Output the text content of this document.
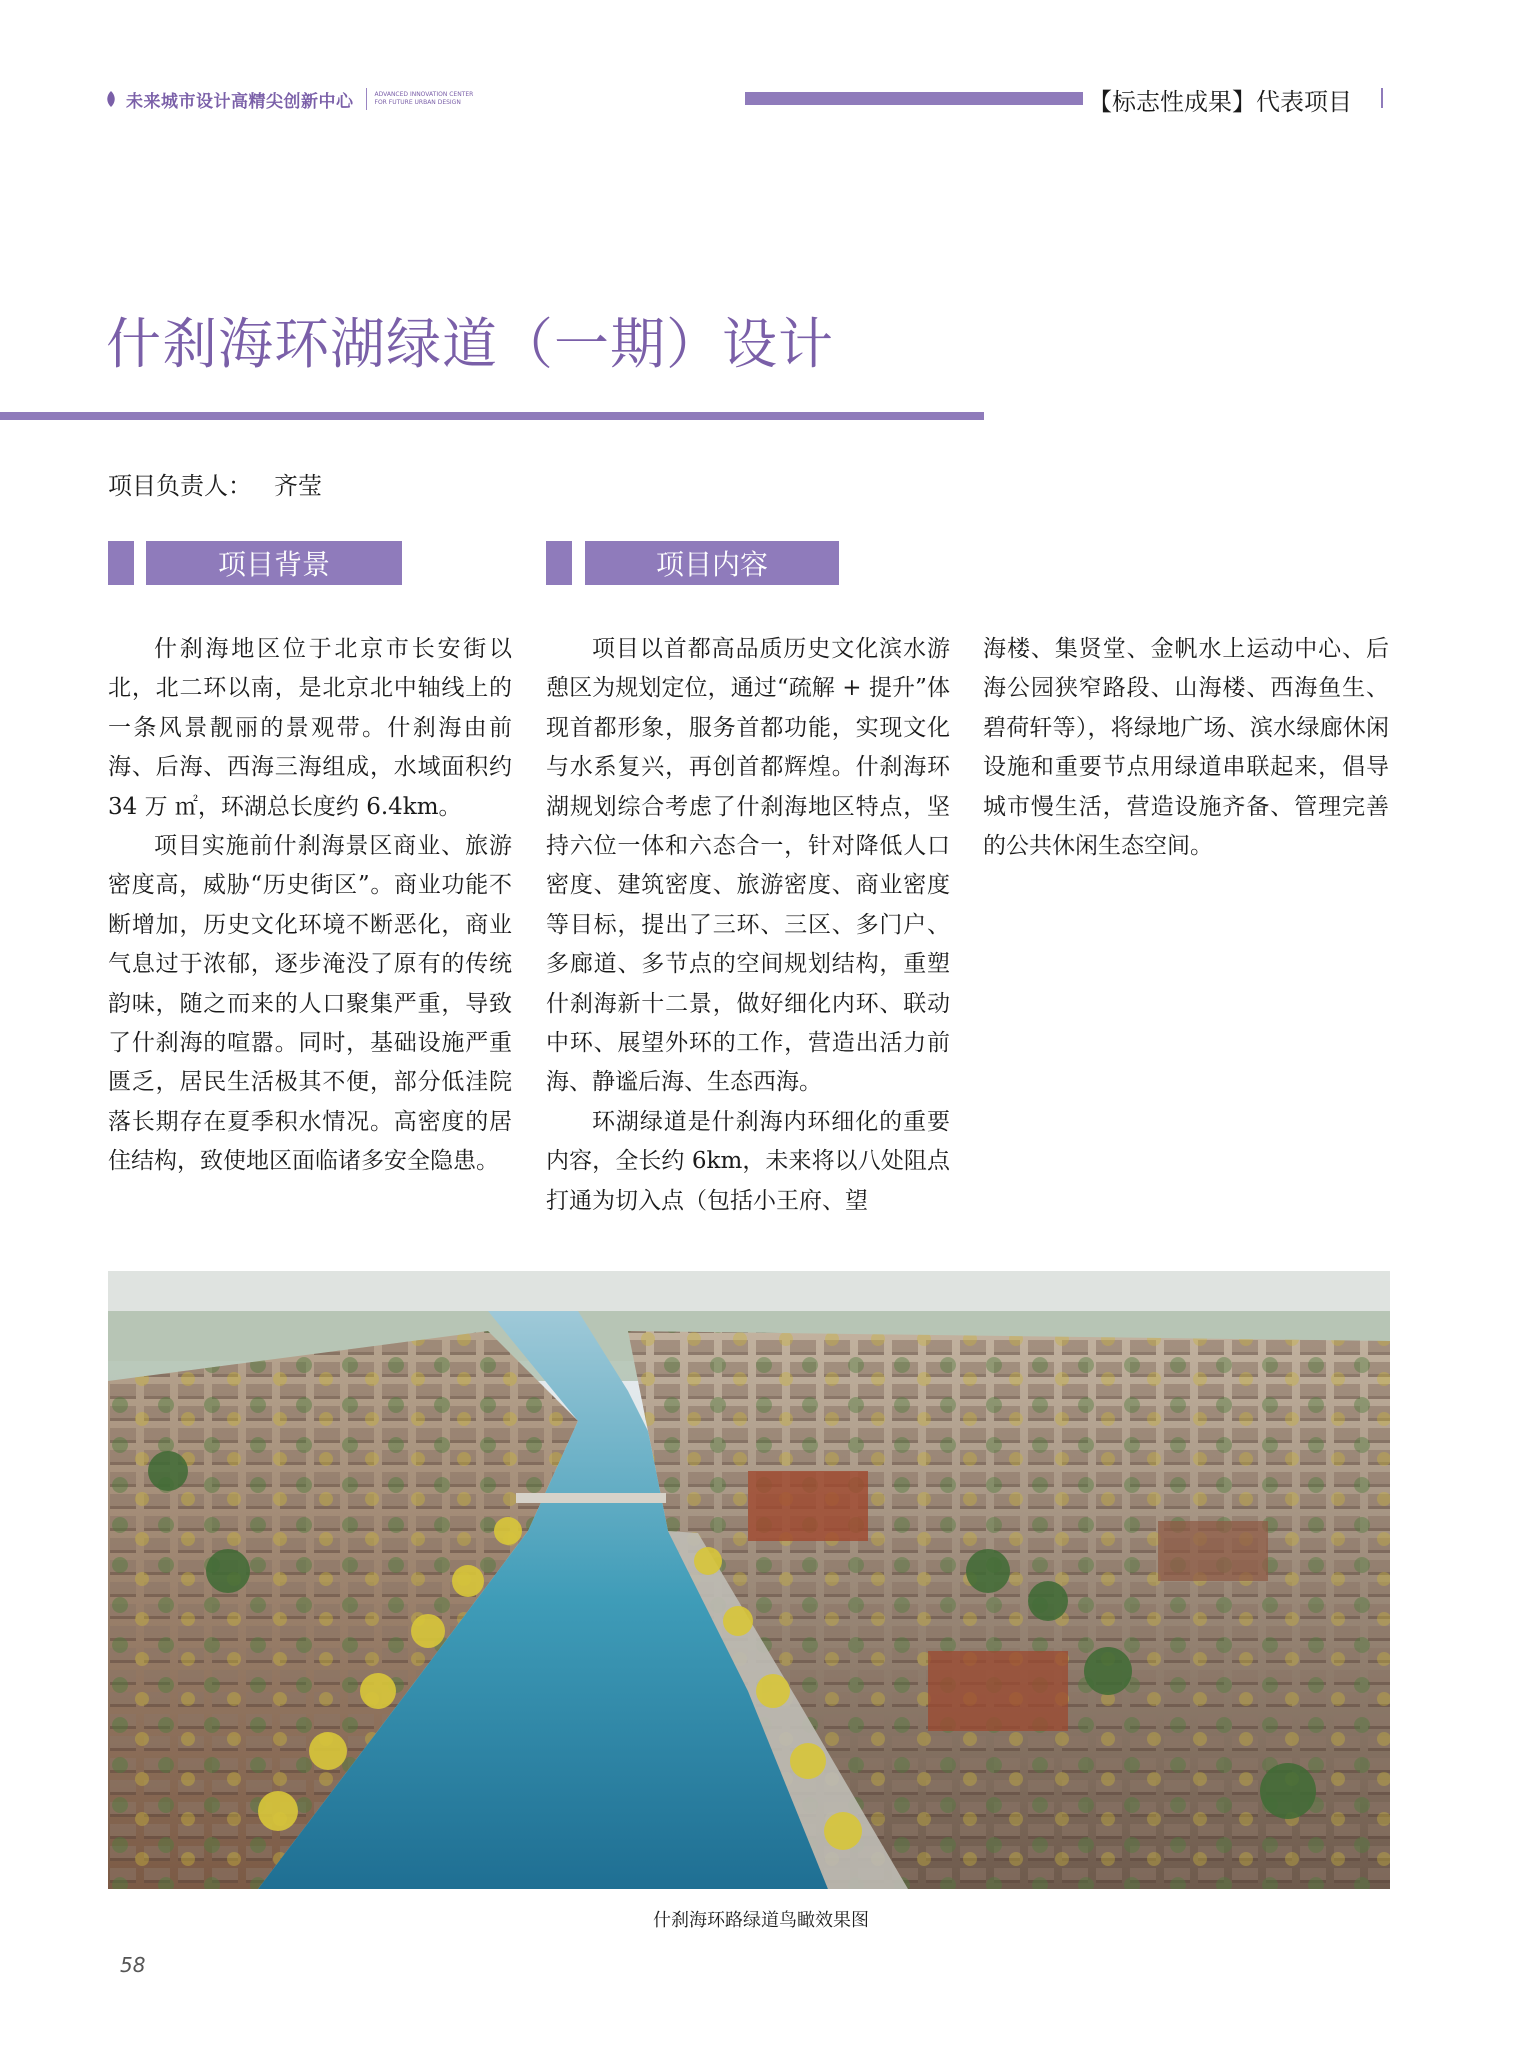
未来城市设计高精尖创新中心	ADVANCED INNOVATION CENTER FOR FUTURE URBAN DESIGN	【标志性成果】代表项目
什刹海环湖绿道（一期）设计
项目负责人： 齐莹
项目背景	项目内容

什刹海地区位于北京市长安街以北，北二环以南，是北京北中轴线上的一条风景靓丽的景观带。什刹海由前海、后海、西海三海组成，水域面积约 34 万 ㎡，环湖总长度约 6.4km。

项目实施前什刹海景区商业、旅游密度高，威胁“历史街区”。商业功能不断增加，历史文化环境不断恶化，商业气息过于浓郁，逐步淹没了原有的传统韵味，随之而来的人口聚集严重，导致了什刹海的喧嚣。同时，基础设施严重匮乏，居民生活极其不便，部分低洼院落长期存在夏季积水情况。高密度的居住结构，致使地区面临诸多安全隐患。

项目以首都高品质历史文化滨水游憩区为规划定位，通过“疏解 + 提升”体现首都形象，服务首都功能，实现文化与水系复兴，再创首都辉煌。什刹海环湖规划综合考虑了什刹海地区特点，坚持六位一体和六态合一，针对降低人口密度、建筑密度、旅游密度、商业密度等目标，提出了三环、三区、多门户、多廊道、多节点的空间规划结构，重塑什刹海新十二景，做好细化内环、联动中环、展望外环的工作，营造出活力前海、静谧后海、生态西海。

环湖绿道是什刹海内环细化的重要内容，全长约 6km，未来将以八处阻点打通为切入点（包括小王府、望

海楼、集贤堂、金帆水上运动中心、后海公园狭窄路段、山海楼、西海鱼生、碧荷轩等），将绿地广场、滨水绿廊休闲设施和重要节点用绿道串联起来，倡导城市慢生活，营造设施齐备、管理完善的公共休闲生态空间。

什刹海环路绿道鸟瞰效果图
58
